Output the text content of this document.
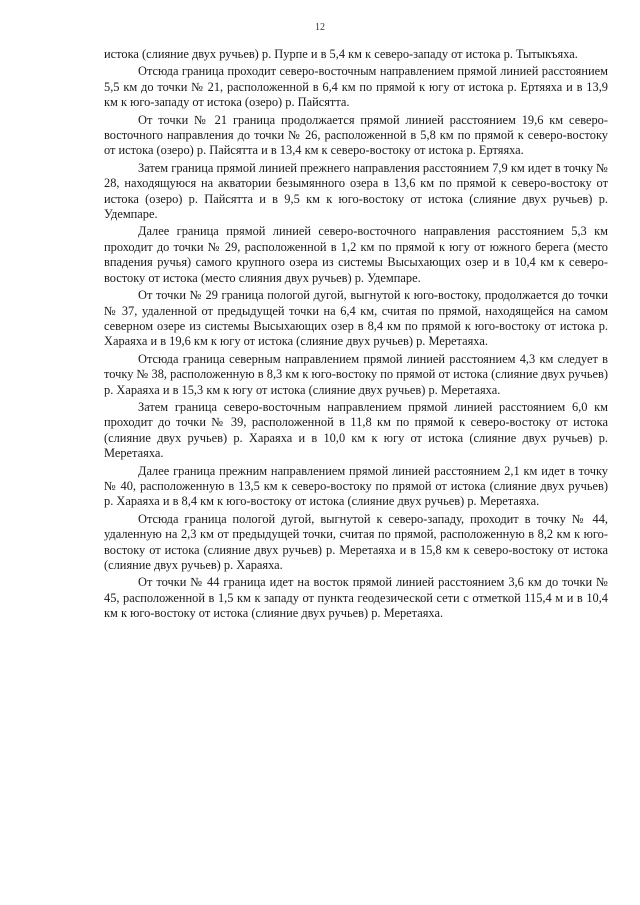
12

истока (слияние двух ручьев) р. Пурпе и в 5,4 км к северо-западу от истока р. Тытыкъяха.

Отсюда граница проходит северо-восточным направлением прямой линией расстоянием 5,5 км до точки № 21, расположенной в 6,4 км по прямой к югу от истока р. Ертяяха и в 13,9 км к юго-западу от истока (озеро) р. Пайсятта.

От точки № 21 граница продолжается прямой линией расстоянием 19,6 км северо-восточного направления до точки № 26, расположенной в 5,8 км по прямой к северо-востоку от истока (озеро) р. Пайсятта и в 13,4 км к северо-востоку от истока р. Ертяяха.

Затем граница прямой линией прежнего направления расстоянием 7,9 км идет в точку № 28, находящуюся на акватории безымянного озера в 13,6 км по прямой к северо-востоку от истока (озеро) р. Пайсятта и в 9,5 км к юго-востоку от истока (слияние двух ручьев) р. Удемпаре.

Далее граница прямой линией северо-восточного направления расстоянием 5,3 км проходит до точки № 29, расположенной в 1,2 км по прямой к югу от южного берега (место впадения ручья) самого крупного озера из системы Высыхающих озер и в 10,4 км к северо-востоку от истока (место слияния двух ручьев) р. Удемпаре.

От точки № 29 граница пологой дугой, выгнутой к юго-востоку, продолжается до точки № 37, удаленной от предыдущей точки на 6,4 км, считая по прямой, находящейся на самом северном озере из системы Высыхающих озер в 8,4 км по прямой к юго-востоку от истока р. Хараяха и в 19,6 км к югу от истока (слияние двух ручьев) р. Меретаяха.

Отсюда граница северным направлением прямой линией расстоянием 4,3 км следует в точку № 38, расположенную в 8,3 км к юго-востоку по прямой от истока (слияние двух ручьев) р. Хараяха и в 15,3 км к югу от истока (слияние двух ручьев) р. Меретаяха.

Затем граница северо-восточным направлением прямой линией расстоянием 6,0 км проходит до точки № 39, расположенной в 11,8 км по прямой к северо-востоку от истока (слияние двух ручьев) р. Хараяха и в 10,0 км к югу от истока (слияние двух ручьев) р. Меретаяха.

Далее граница прежним направлением прямой линией расстоянием 2,1 км идет в точку № 40, расположенную в 13,5 км к северо-востоку по прямой от истока (слияние двух ручьев) р. Хараяха и в 8,4 км к юго-востоку от истока (слияние двух ручьев) р. Меретаяха.

Отсюда граница пологой дугой, выгнутой к северо-западу, проходит в точку № 44, удаленную на 2,3 км от предыдущей точки, считая по прямой, расположенную в 8,2 км к юго-востоку от истока (слияние двух ручьев) р. Меретаяха и в 15,8 км к северо-востоку от истока (слияние двух ручьев) р. Хараяха.

От точки № 44 граница идет на восток прямой линией расстоянием 3,6 км до точки № 45, расположенной в 1,5 км к западу от пункта геодезической сети с отметкой 115,4 м и в 10,4 км к юго-востоку от истока (слияние двух ручьев) р. Меретаяха.
